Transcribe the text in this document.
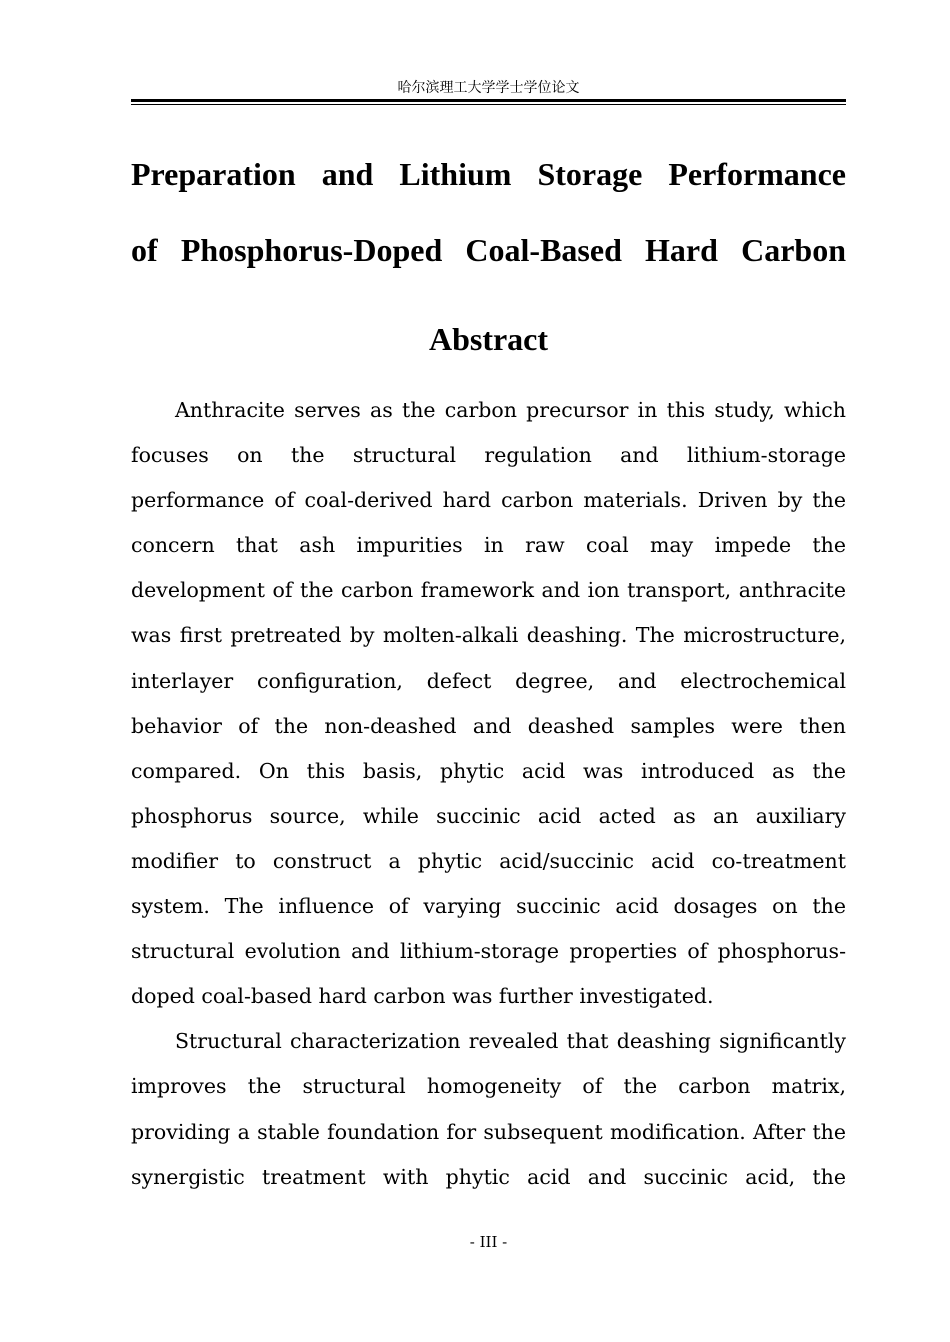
哈尔滨理工大学学士学位论文
Preparation and Lithium Storage Performance
of Phosphorus-Doped Coal-Based Hard Carbon
Abstract

Anthracite serves as the carbon precursor in this study, which focuses on the structural regulation and lithium-storage performance of coal-derived hard carbon materials. Driven by the concern that ash impurities in raw coal may impede the development of the carbon framework and ion transport, anthracite was first pretreated by molten-alkali deashing. The microstructure, interlayer configuration, defect degree, and electrochemical behavior of the non-deashed and deashed samples were then compared. On this basis, phytic acid was introduced as the phosphorus source, while succinic acid acted as an auxiliary modifier to construct a phytic acid/succinic acid co-treatment system. The influence of varying succinic acid dosages on the structural evolution and lithium-storage properties of phosphorus-doped coal-based hard carbon was further investigated.

Structural characterization revealed that deashing significantly improves the structural homogeneity of the carbon matrix, providing a stable foundation for subsequent modification. After the synergistic treatment with phytic acid and succinic acid, the

- III -
